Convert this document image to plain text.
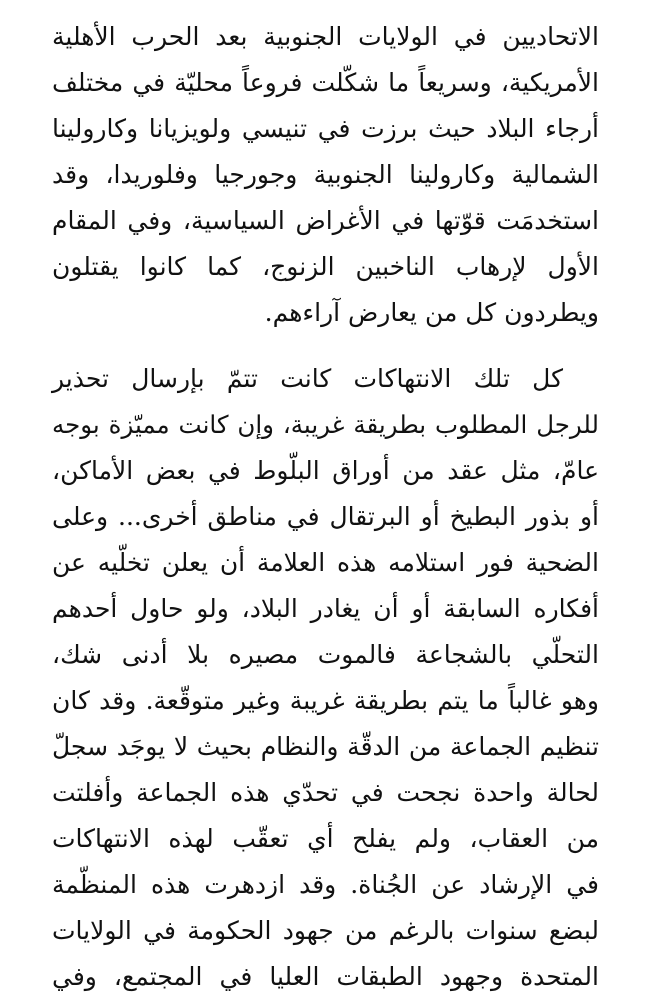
الاتحاديين في الولايات الجنوبية بعد الحرب الأهلية
الأمريكية، وسريعاً ما شكّلت فروعاً محليّة في مختلف
أرجاء البلاد حيث برزت في تنيسي ولويزيانا وكارولينا
الشمالية وكارولينا الجنوبية وجورجيا وفلوريدا، وقد
استخدمَت قوّتها في الأغراض السياسية، وفي المقام
الأول لإرهاب الناخبين الزنوج، كما كانوا يقتلون
ويطردون كل من يعارض آراءهم.
كل تلك الانتهاكات كانت تتمّ بإرسال تحذير
للرجل المطلوب بطريقة غريبة، وإن كانت مميّزة بوجه
عامّ، مثل عقد من أوراق البلّوط في بعض الأماكن،
أو بذور البطيخ أو البرتقال في مناطق أخرى... وعلى
الضحية فور استلامه هذه العلامة أن يعلن تخلّيه عن
أفكاره السابقة أو أن يغادر البلاد، ولو حاول أحدهم
التحلّي بالشجاعة فالموت مصيره بلا أدنى شك،
وهو غالباً ما يتم بطريقة غريبة وغير متوقّعة. وقد كان
تنظيم الجماعة من الدقّة والنظام بحيث لا يوجَد سجلّ
لحالة واحدة نجحت في تحدّي هذه الجماعة وأفلتت
من العقاب، ولم يفلح أي تعقّب لهذه الانتهاكات
في الإرشاد عن الجُناة. وقد ازدهرت هذه المنظّمة
لبضع سنوات بالرغم من جهود الحكومة في الولايات
المتحدة وجهود الطبقات العليا في المجتمع، وفي
